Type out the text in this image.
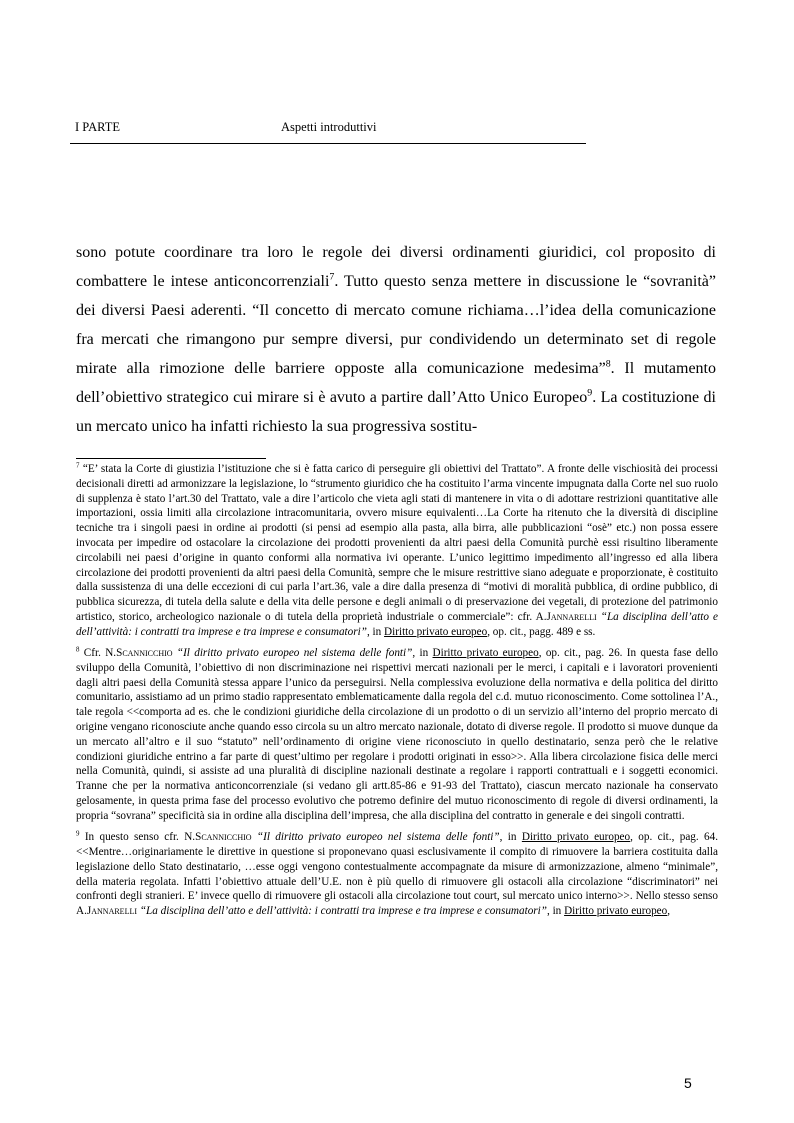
I PARTE	Aspetti introduttivi

sono potute coordinare tra loro le regole dei diversi ordinamenti giuridici, col proposito di combattere le intese anticoncorrenziali$^7$. Tutto questo senza mettere in discussione le “sovranità” dei diversi Paesi aderenti. “Il concetto di mercato comune richiama…l’idea della comunicazione fra mercati che rimangono pur sempre diversi, pur condividendo un determinato set di regole mirate alla rimozione delle barriere opposte alla comunicazione medesima”$^8$. Il mutamento dell’obiettivo strategico cui mirare si è avuto a partire dall’Atto Unico Europeo$^9$. La costituzione di un mercato unico ha infatti richiesto la sua progressiva sostitu-

$^7$ “E’ stata la Corte di giustizia l’istituzione che si è fatta carico di perseguire gli obiettivi del Trattato”. A fronte delle vischiosità dei processi decisionali diretti ad armonizzare la legislazione, lo “strumento giuridico che ha costituito l’arma vincente impugnata dalla Corte nel suo ruolo di supplenza è stato l’art.30 del Trattato, vale a dire l’articolo che vieta agli stati di mantenere in vita o di adottare restrizioni quantitative alle importazioni, ossia limiti alla circolazione intracomunitaria, ovvero misure equivalenti…La Corte ha ritenuto che la diversità di discipline tecniche tra i singoli paesi in ordine ai prodotti (si pensi ad esempio alla pasta, alla birra, alle pubblicazioni “osè” etc.) non possa essere invocata per impedire od ostacolare la circolazione dei prodotti provenienti da altri paesi della Comunità purchè essi risultino liberamente circolabili nei paesi d’origine in quanto conformi alla normativa ivi operante. L’unico legittimo impedimento all’ingresso ed alla libera circolazione dei prodotti provenienti da altri paesi della Comunità, sempre che le misure restrittive siano adeguate e proporzionate, è costituito dalla sussistenza di una delle eccezioni di cui parla l’art.36, vale a dire dalla presenza di “motivi di moralità pubblica, di ordine pubblico, di pubblica sicurezza, di tutela della salute e della vita delle persone e degli animali o di preservazione dei vegetali, di protezione del patrimonio artistico, storico, archeologico nazionale o di tutela della proprietà industriale o commerciale”: cfr. A.Jannarelli “La disciplina dell’atto e dell’attività: i contratti tra imprese e tra imprese e consumatori”, in Diritto privato europeo, op. cit., pagg. 489 e ss.

$^8$ Cfr. N.Scannicchio “Il diritto privato europeo nel sistema delle fonti”, in Diritto privato europeo, op. cit., pag. 26. In questa fase dello sviluppo della Comunità, l’obiettivo di non discriminazione nei rispettivi mercati nazionali per le merci, i capitali e i lavoratori provenienti dagli altri paesi della Comunità stessa appare l’unico da perseguirsi. Nella complessiva evoluzione della normativa e della politica del diritto comunitario, assistiamo ad un primo stadio rappresentato emblematicamente dalla regola del c.d. mutuo riconoscimento. Come sottolinea l’A., tale regola <<comporta ad es. che le condizioni giuridiche della circolazione di un prodotto o di un servizio all’interno del proprio mercato di origine vengano riconosciute anche quando esso circola su un altro mercato nazionale, dotato di diverse regole. Il prodotto si muove dunque da un mercato all’altro e il suo “statuto” nell’ordinamento di origine viene riconosciuto in quello destinatario, senza però che le relative condizioni giuridiche entrino a far parte di quest’ultimo per regolare i prodotti originati in esso>>. Alla libera circolazione fisica delle merci nella Comunità, quindi, si assiste ad una pluralità di discipline nazionali destinate a regolare i rapporti contrattuali e i soggetti economici. Tranne che per la normativa anticoncorrenziale (si vedano gli artt.85-86 e 91-93 del Trattato), ciascun mercato nazionale ha conservato gelosamente, in questa prima fase del processo evolutivo che potremo definire del mutuo riconoscimento di regole di diversi ordinamenti, la propria “sovrana” specificità sia in ordine alla disciplina dell’impresa, che alla disciplina del contratto in generale e dei singoli contratti.

$^9$ In questo senso cfr. N.Scannicchio “Il diritto privato europeo nel sistema delle fonti”, in Diritto privato europeo, op. cit., pag. 64. <<Mentre…originariamente le direttive in questione si proponevano quasi esclusivamente il compito di rimuovere la barriera costituita dalla legislazione dello Stato destinatario, …esse oggi vengono contestualmente accompagnate da misure di armonizzazione, almeno “minimale”, della materia regolata. Infatti l’obiettivo attuale dell’U.E. non è più quello di rimuovere gli ostacoli alla circolazione “discriminatori” nei confronti degli stranieri. E’ invece quello di rimuovere gli ostacoli alla circolazione tout court, sul mercato unico interno>>. Nello stesso senso A.Jannarelli “La disciplina dell’atto e dell’attività: i contratti tra imprese e tra imprese e consumatori”, in Diritto privato europeo,

5
